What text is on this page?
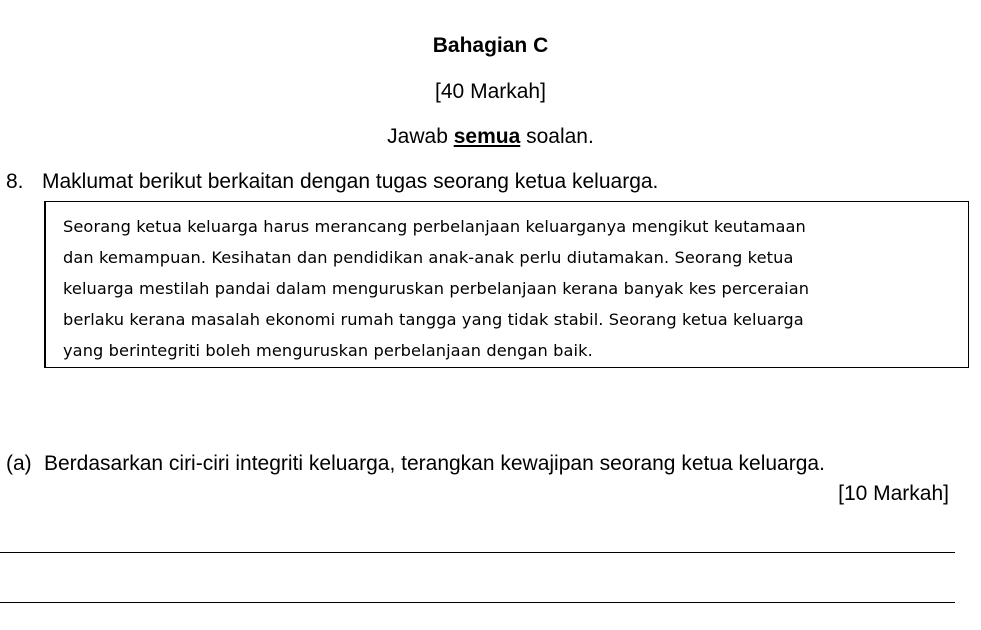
Bahagian C
[40 Markah]
Jawab semua soalan.
8. Maklumat berikut berkaitan dengan tugas seorang ketua keluarga.
Seorang ketua keluarga harus merancang perbelanjaan keluarganya mengikut keutamaan
dan kemampuan. Kesihatan dan pendidikan anak-anak perlu diutamakan. Seorang ketua
keluarga mestilah pandai dalam menguruskan perbelanjaan kerana banyak kes perceraian
berlaku kerana masalah ekonomi rumah tangga yang tidak stabil. Seorang ketua keluarga
yang berintegriti boleh menguruskan perbelanjaan dengan baik.
(a) Berdasarkan ciri-ciri integriti keluarga, terangkan kewajipan seorang ketua keluarga.
[10 Markah]
